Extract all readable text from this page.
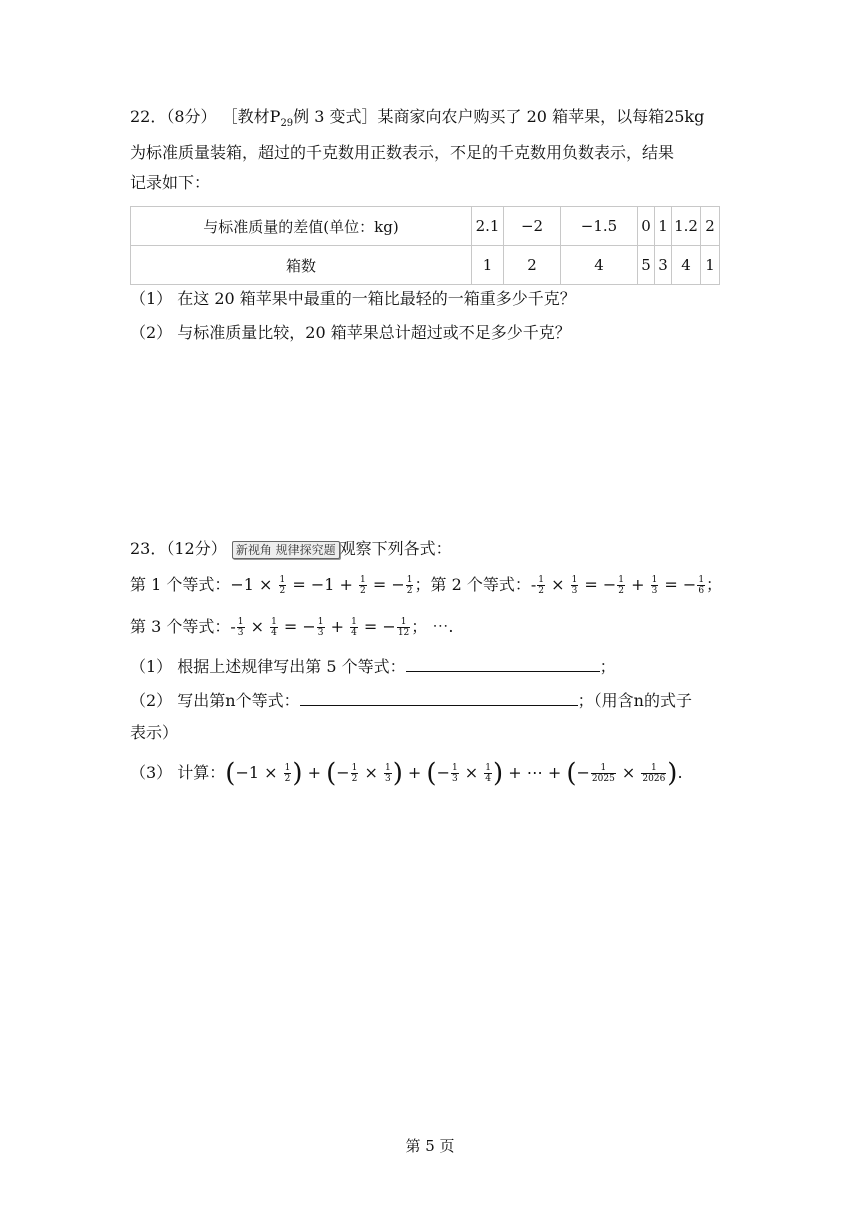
22．（8分） ［教材$P_{29}$例 3 变式］某商家向农户购买了 20 箱苹果，以每箱25kg
为标准质量装箱，超过的千克数用正数表示，不足的千克数用负数表示，结果
记录如下：
与标准质量的差值(单位：kg)	2.1	−2	−1.5	0	1	1.2	2
箱数	1	2	4	5	3	4	1
（1） 在这 20 箱苹果中最重的一箱比最轻的一箱重多少千克？
（2） 与标准质量比较，20 箱苹果总计超过或不足多少千克？
23．（12分） 新视角 规律探究题 观察下列各式：
第 1 个等式：$-1 \times \frac{1}{2} = -1 + \frac{1}{2}$ = − $\frac{1}{2}$ ；第 2 个等式：- $\frac{1}{2} \times \frac{1}{3}$ = − $\frac{1}{2} + \frac{1}{3}$ = − $\frac{1}{6}$ ；
第 3 个等式：- $\frac{1}{3} \times \frac{1}{4}$ = − $\frac{1}{3} + \frac{1}{4}$ = − $\frac{1}{12}$ ； ⋯.
（1） 根据上述规律写出第 5 个等式：	；
（2） 写出第n个等式：	；（用含n的式子
表示）
（3） 计算：($-1 \times \frac{1}{2}$ ) + (− $\frac{1}{2} \times \frac{1}{3}$ ) + (− $\frac{1}{3} \times \frac{1}{4}$ ) + ⋯ + (− $\frac{1}{2025} \times \frac{1}{2026}$ ).
第 5 页
